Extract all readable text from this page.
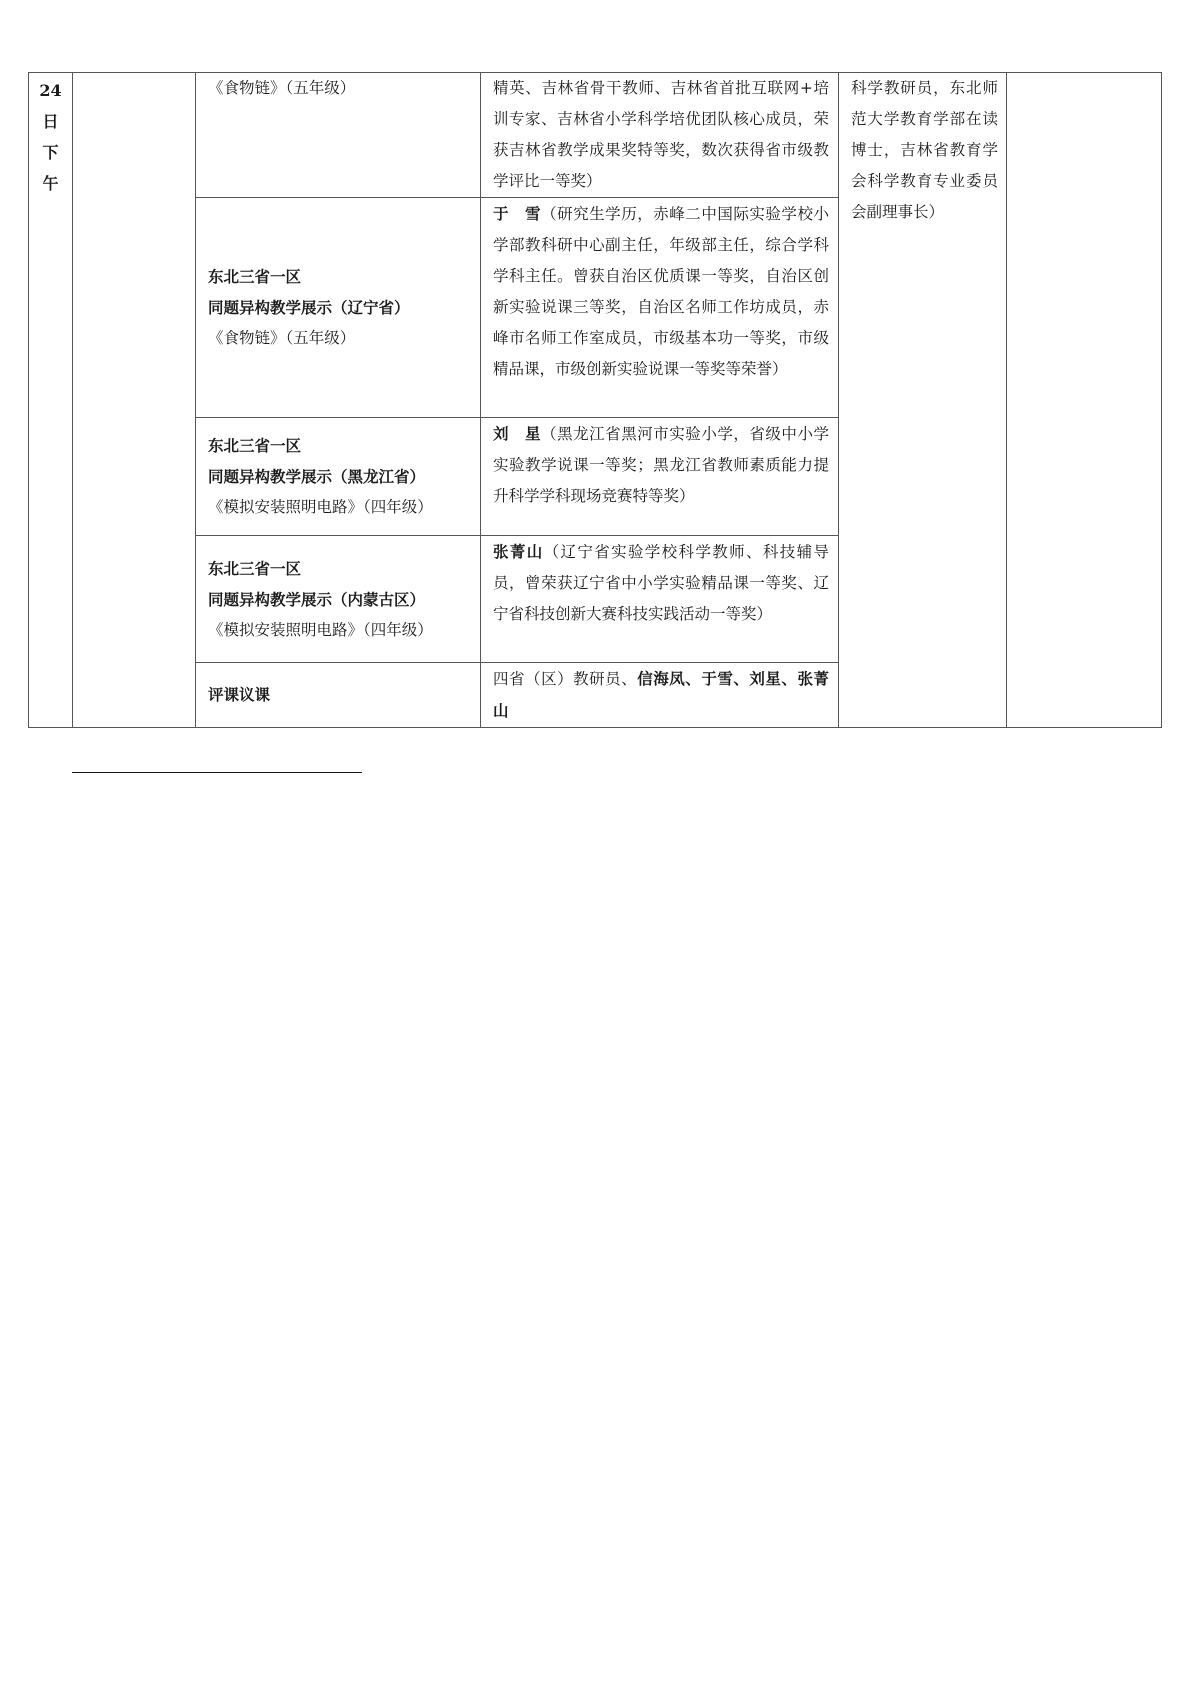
24
日
下
午		《食物链》（五年级）	精英、吉林省骨干教师、吉林省首批互联网+培训专家、吉林省小学科学培优团队核心成员，荣获吉林省教学成果奖特等奖，数次获得省市级教学评比一等奖）	科学教研员，东北师范大学教育学部在读博士，吉林省教育学会科学教育专业委员会副理事长）	

		东北三省一区
同题异构教学展示（辽宁省）
《食物链》（五年级）	于　雪（研究生学历，赤峰二中国际实验学校小学部教科研中心副主任，年级部主任，综合学科学科主任。曾获自治区优质课一等奖，自治区创新实验说课三等奖，自治区名师工作坊成员，赤峰市名师工作室成员，市级基本功一等奖，市级精品课，市级创新实验说课一等奖等荣誉）		

		东北三省一区
同题异构教学展示（黑龙江省）
《模拟安装照明电路》（四年级）	刘　星（黑龙江省黑河市实验小学，省级中小学实验教学说课一等奖；黑龙江省教师素质能力提升科学学科现场竞赛特等奖）		

		东北三省一区
同题异构教学展示（内蒙古区）
《模拟安装照明电路》（四年级）	张菁山（辽宁省实验学校科学教师、科技辅导员，曾荣获辽宁省中小学实验精品课一等奖、辽宁省科技创新大赛科技实践活动一等奖）		

		评课议课	四省（区）教研员、信海凤、于雪、刘星、张菁山		
